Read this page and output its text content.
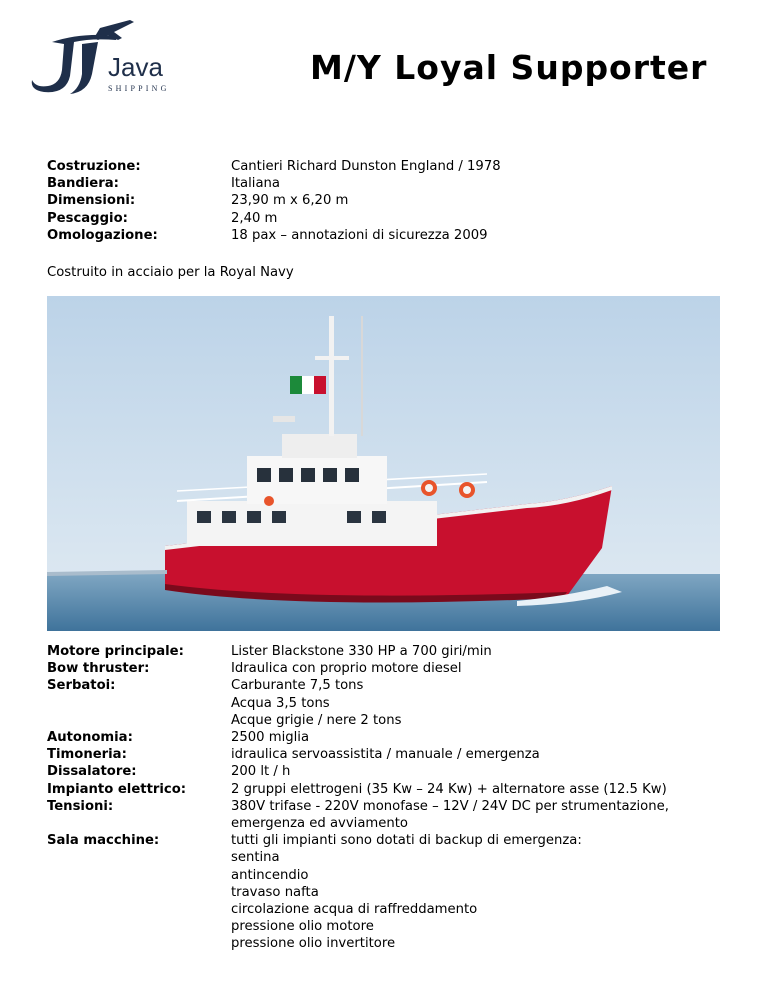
Java
SHIPPING
M/Y Loyal Supporter
Costruzione:	Cantieri Richard Dunston England / 1978
Bandiera:	Italiana
Dimensioni:	23,90 m x 6,20 m
Pescaggio:	2,40 m
Omologazione:	18 pax – annotazioni di sicurezza 2009
Costruito in acciaio per la Royal Navy
Motore principale:	Lister Blackstone 330 HP a 700 giri/min
Bow thruster:	Idraulica con proprio motore diesel
Serbatoi:	Carburante 7,5 tons
Acqua 3,5 tons
Acque grigie / nere 2 tons
Autonomia:	2500 miglia
Timoneria:	idraulica servoassistita / manuale / emergenza
Dissalatore:	200 lt / h
Impianto elettrico:	2 gruppi elettrogeni (35 Kw – 24 Kw) + alternatore asse (12.5 Kw)
Tensioni:	380V trifase - 220V monofase – 12V / 24V DC per strumentazione,
emergenza ed avviamento
Sala macchine:	tutti gli impianti sono dotati di backup di emergenza:
sentina
antincendio
travaso nafta
circolazione acqua di raffreddamento
pressione olio motore
pressione olio invertitore
